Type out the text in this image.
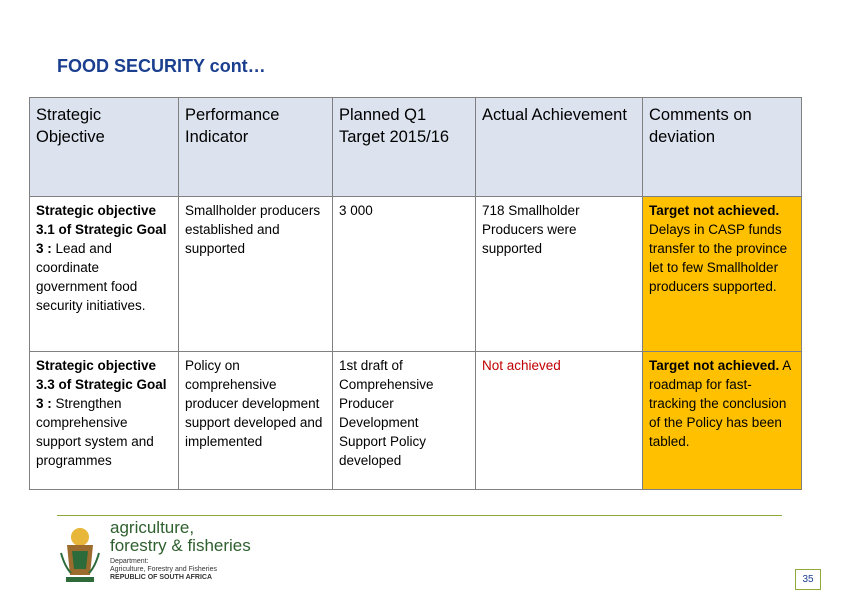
FOOD SECURITY cont…
Strategic Objective	Performance Indicator	Planned Q1 Target 2015/16	Actual Achievement	Comments on deviation
Strategic objective 3.1 of Strategic Goal 3 : Lead and coordinate government food security initiatives.	Smallholder producers established and supported	3 000	718 Smallholder Producers were supported	Target not achieved. Delays in CASP funds transfer to the province let to few Smallholder producers supported.
Strategic objective 3.3 of Strategic Goal 3 : Strengthen comprehensive support system and programmes	Policy on comprehensive producer development support developed and implemented	1st draft of Comprehensive Producer Development Support Policy developed	Not achieved	Target not achieved. A roadmap for fast-tracking the conclusion of the Policy has been tabled.
agriculture,
forestry & fisheries
Department:
Agriculture, Forestry and Fisheries
REPUBLIC OF SOUTH AFRICA	35
